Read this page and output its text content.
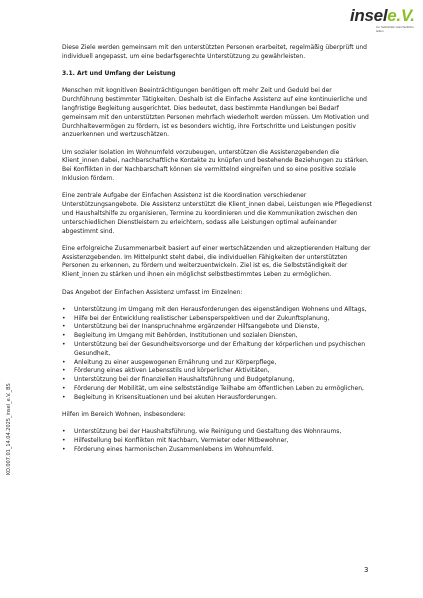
insele.V.
zur Selbsthilfe Ganzheitliche Hilfen

Diese Ziele werden gemeinsam mit den unterstützten Personen erarbeitet, regelmäßig überprüft und individuell angepasst, um eine bedarfsgerechte Unterstützung zu gewährleisten.

3.1. Art und Umfang der Leistung

Menschen mit kognitiven Beeinträchtigungen benötigen oft mehr Zeit und Geduld bei der Durchführung bestimmter Tätigkeiten. Deshalb ist die Einfache Assistenz auf eine kontinuierliche und langfristige Begleitung ausgerichtet. Dies bedeutet, dass bestimmte Handlungen bei Bedarf gemeinsam mit den unterstützten Personen mehrfach wiederholt werden müssen. Um Motivation und Durchhaltevermögen zu fördern, ist es besonders wichtig, ihre Fortschritte und Leistungen positiv anzuerkennen und wertzuschätzen.

Um sozialer Isolation im Wohnumfeld vorzubeugen, unterstützen die Assistenzgebenden die Klient_innen dabei, nachbarschaftliche Kontakte zu knüpfen und bestehende Beziehungen zu stärken. Bei Konflikten in der Nachbarschaft können sie vermittelnd eingreifen und so eine positive soziale Inklusion fördern.

Eine zentrale Aufgabe der Einfachen Assistenz ist die Koordination verschiedener Unterstützungsangebote. Die Assistenz unterstützt die Klient_innen dabei, Leistungen wie Pflegedienst und Haushaltshilfe zu organisieren, Termine zu koordinieren und die Kommunikation zwischen den unterschiedlichen Dienstleistern zu erleichtern, sodass alle Leistungen optimal aufeinander abgestimmt sind.

Eine erfolgreiche Zusammenarbeit basiert auf einer wertschätzenden und akzeptierenden Haltung der Assistenzgebenden. Im Mittelpunkt steht dabei, die individuellen Fähigkeiten der unterstützten Personen zu erkennen, zu fördern und weiterzuentwickeln. Ziel ist es, die Selbstständigkeit der Klient_innen zu stärken und ihnen ein möglichst selbstbestimmtes Leben zu ermöglichen.

Das Angebot der Einfachen Assistenz umfasst im Einzelnen:

• Unterstützung im Umgang mit den Herausforderungen des eigenständigen Wohnens und Alltags,
• Hilfe bei der Entwicklung realistischer Lebensperspektiven und der Zukunftsplanung,
• Unterstützung bei der Inanspruchnahme ergänzender Hilfsangebote und Dienste,
• Begleitung im Umgang mit Behörden, Institutionen und sozialen Diensten,
• Unterstützung bei der Gesundheitsvorsorge und der Erhaltung der körperlichen und psychischen Gesundheit,
• Anleitung zu einer ausgewogenen Ernährung und zur Körperpflege,
• Förderung eines aktiven Lebensstils und körperlicher Aktivitäten,
• Unterstützung bei der finanziellen Haushaltsführung und Budgetplanung,
• Förderung der Mobilität, um eine selbstständige Teilhabe am öffentlichen Leben zu ermöglichen,
• Begleitung in Krisensituationen und bei akuten Herausforderungen.

Hilfen im Bereich Wohnen, insbesondere:

• Unterstützung bei der Haushaltsführung, wie Reinigung und Gestaltung des Wohnraums,
• Hilfestellung bei Konflikten mit Nachbarn, Vermieter oder Mitbewohner,
• Förderung eines harmonischen Zusammenlebens im Wohnumfeld.
KO.007.01_14.04.2025_insel_e.V._BS
3
